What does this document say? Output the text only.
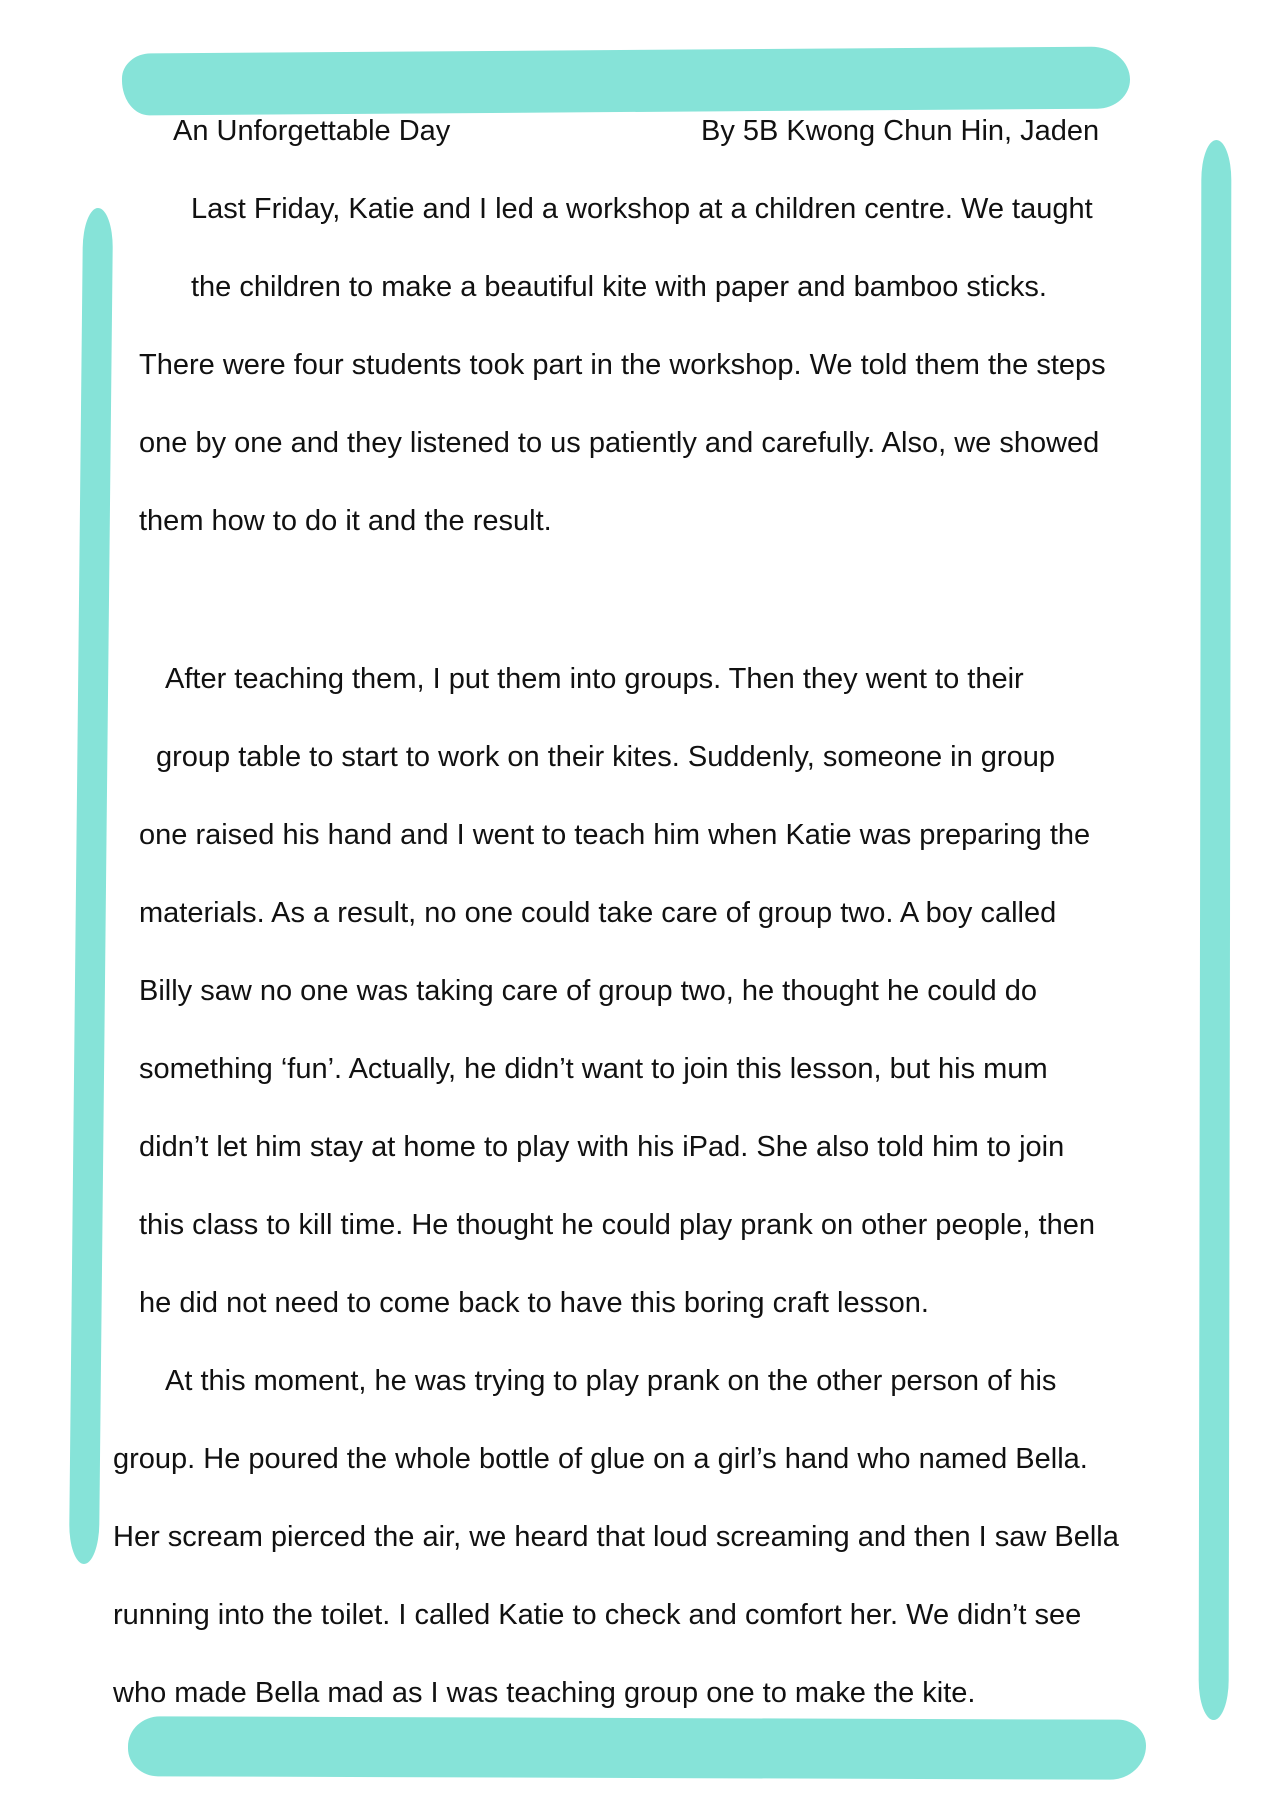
An Unforgettable Day	By 5B Kwong Chun Hin, Jaden
Last Friday, Katie and I led a workshop at a children centre. We taught
the children to make a beautiful kite with paper and bamboo sticks.
There were four students took part in the workshop. We told them the steps
one by one and they listened to us patiently and carefully. Also, we showed
them how to do it and the result.
After teaching them, I put them into groups. Then they went to their
group table to start to work on their kites. Suddenly, someone in group
one raised his hand and I went to teach him when Katie was preparing the
materials. As a result, no one could take care of group two. A boy called
Billy saw no one was taking care of group two, he thought he could do
something ‘fun’. Actually, he didn’t want to join this lesson, but his mum
didn’t let him stay at home to play with his iPad. She also told him to join
this class to kill time. He thought he could play prank on other people, then
he did not need to come back to have this boring craft lesson.
At this moment, he was trying to play prank on the other person of his
group. He poured the whole bottle of glue on a girl’s hand who named Bella.
Her scream pierced the air, we heard that loud screaming and then I saw Bella
running into the toilet. I called Katie to check and comfort her. We didn’t see
who made Bella mad as I was teaching group one to make the kite.
